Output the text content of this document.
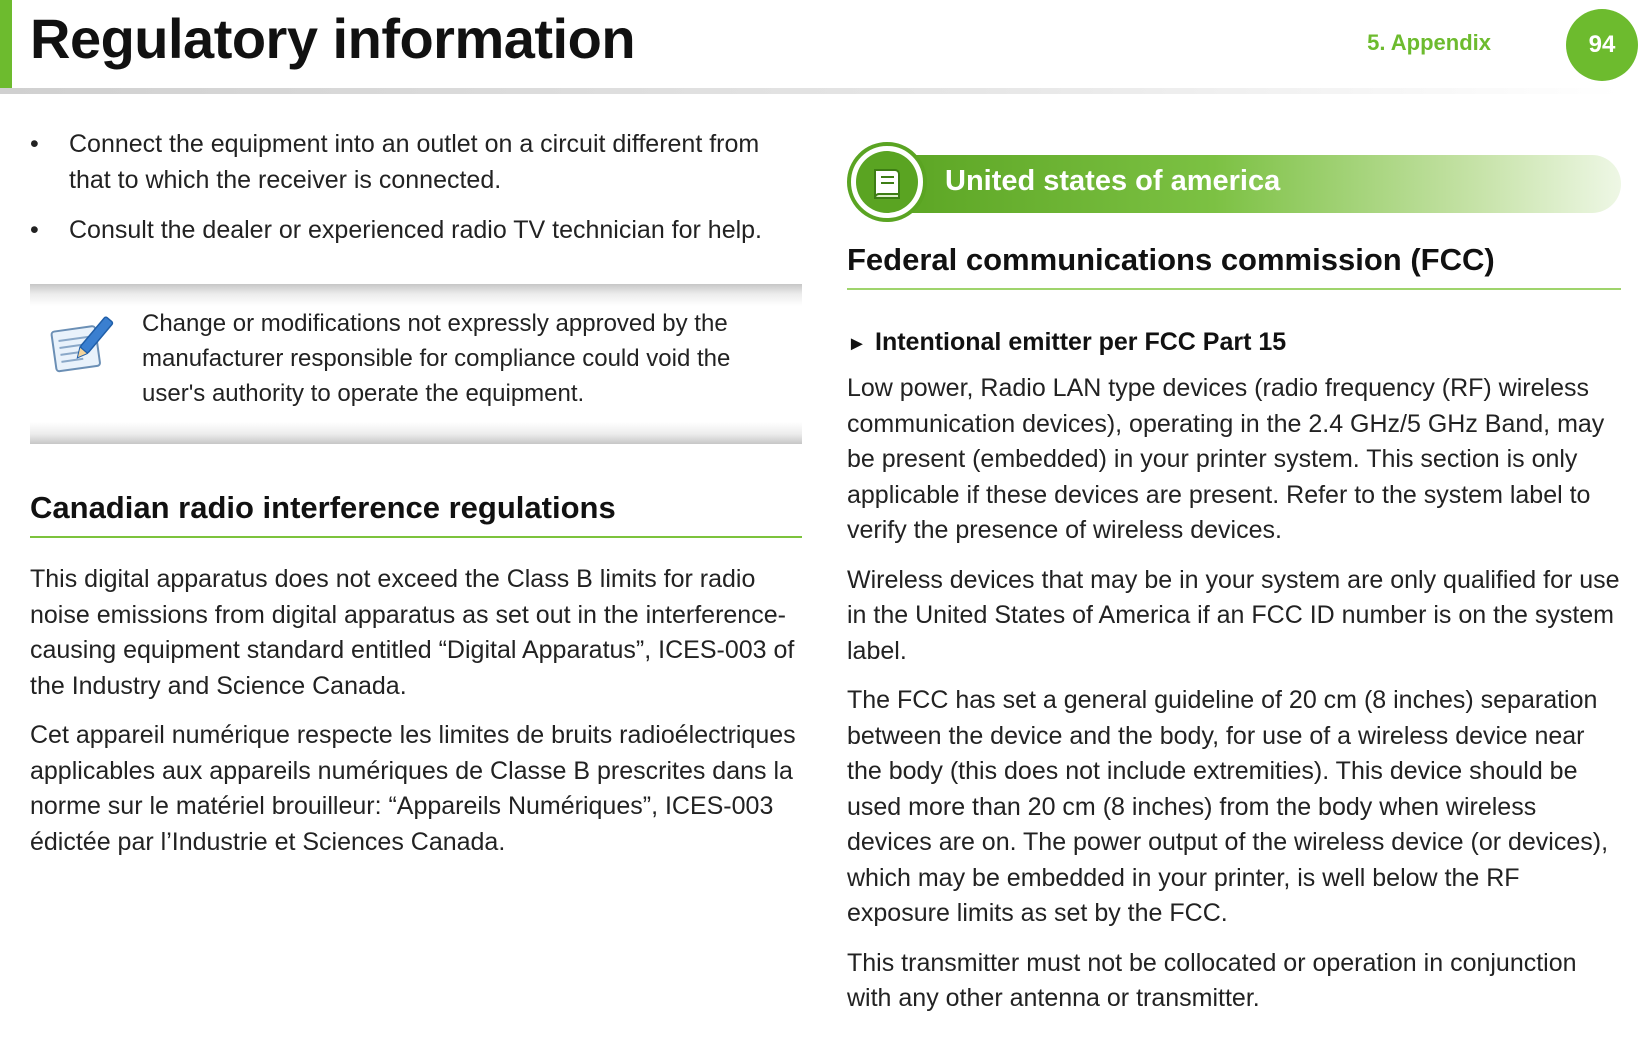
Regulatory information	5. Appendix	94
• Connect the equipment into an outlet on a circuit different from that to which the receiver is connected.
• Consult the dealer or experienced radio TV technician for help.
Change or modifications not expressly approved by the manufacturer responsible for compliance could void the user's authority to operate the equipment.
Canadian radio interference regulations

This digital apparatus does not exceed the Class B limits for radio noise emissions from digital apparatus as set out in the interference-causing equipment standard entitled “Digital Apparatus”, ICES-003 of the Industry and Science Canada.

Cet appareil numérique respecte les limites de bruits radioélectriques applicables aux appareils numériques de Classe B prescrites dans la norme sur le matériel brouilleur: “Appareils Numériques”, ICES-003 édictée par l’Industrie et Sciences Canada.

United states of america
Federal communications commission (FCC)
► Intentional emitter per FCC Part 15

Low power, Radio LAN type devices (radio frequency (RF) wireless communication devices), operating in the 2.4 GHz/5 GHz Band, may be present (embedded) in your printer system. This section is only applicable if these devices are present. Refer to the system label to verify the presence of wireless devices.

Wireless devices that may be in your system are only qualified for use in the United States of America if an FCC ID number is on the system label.

The FCC has set a general guideline of 20 cm (8 inches) separation between the device and the body, for use of a wireless device near the body (this does not include extremities). This device should be used more than 20 cm (8 inches) from the body when wireless devices are on. The power output of the wireless device (or devices), which may be embedded in your printer, is well below the RF exposure limits as set by the FCC.

This transmitter must not be collocated or operation in conjunction with any other antenna or transmitter.
